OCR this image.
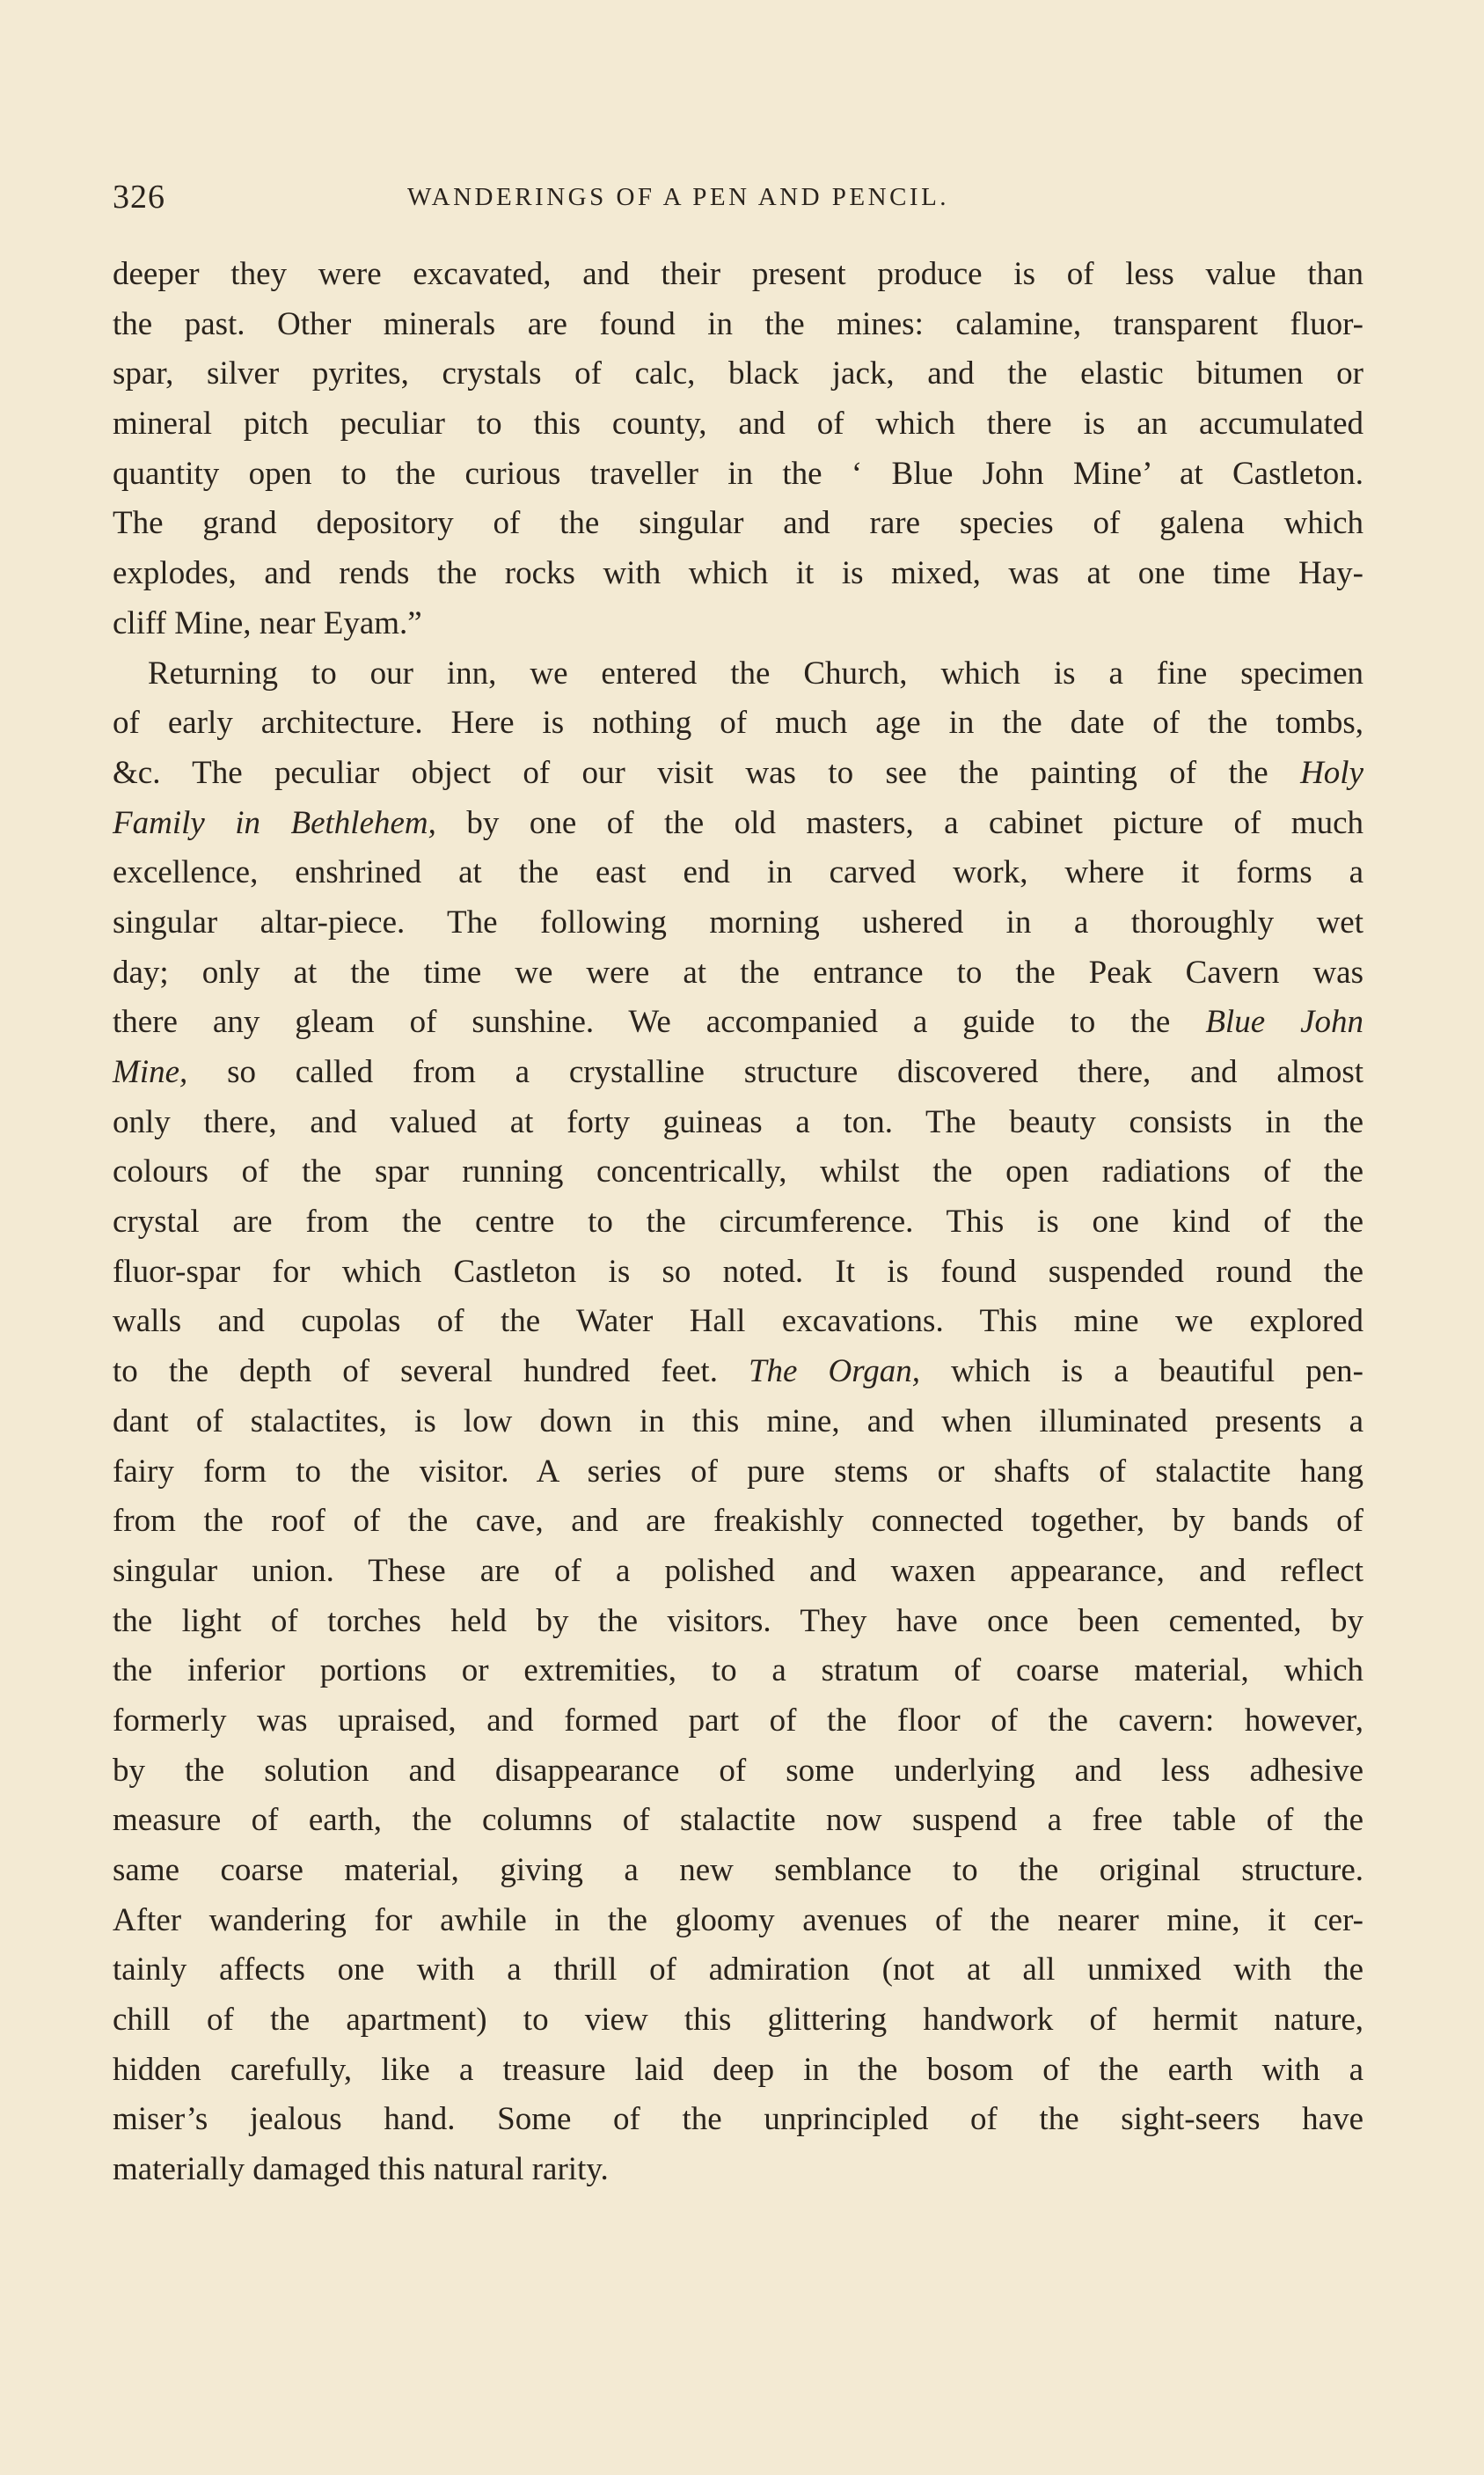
326	WANDERINGS OF A PEN AND PENCIL.
deeper they were excavated, and their present produce is of less value than
the past. Other minerals are found in the mines: calamine, transparent fluor-
spar, silver pyrites, crystals of calc, black jack, and the elastic bitumen or
mineral pitch peculiar to this county, and of which there is an accumulated
quantity open to the curious traveller in the ‘ Blue John Mine’ at Castleton.
The grand depository of the singular and rare species of galena which
explodes, and rends the rocks with which it is mixed, was at one time Hay-
cliff Mine, near Eyam.”
Returning to our inn, we entered the Church, which is a fine specimen
of early architecture. Here is nothing of much age in the date of the tombs,
&c. The peculiar object of our visit was to see the painting of the Holy
Family in Bethlehem, by one of the old masters, a cabinet picture of much
excellence, enshrined at the east end in carved work, where it forms a
singular altar-piece. The following morning ushered in a thoroughly wet
day; only at the time we were at the entrance to the Peak Cavern was
there any gleam of sunshine. We accompanied a guide to the Blue John
Mine, so called from a crystalline structure discovered there, and almost
only there, and valued at forty guineas a ton. The beauty consists in the
colours of the spar running concentrically, whilst the open radiations of the
crystal are from the centre to the circumference. This is one kind of the
fluor-spar for which Castleton is so noted. It is found suspended round the
walls and cupolas of the Water Hall excavations. This mine we explored
to the depth of several hundred feet. The Organ, which is a beautiful pen-
dant of stalactites, is low down in this mine, and when illuminated presents a
fairy form to the visitor. A series of pure stems or shafts of stalactite hang
from the roof of the cave, and are freakishly connected together, by bands of
singular union. These are of a polished and waxen appearance, and reflect
the light of torches held by the visitors. They have once been cemented, by
the inferior portions or extremities, to a stratum of coarse material, which
formerly was upraised, and formed part of the floor of the cavern: however,
by the solution and disappearance of some underlying and less adhesive
measure of earth, the columns of stalactite now suspend a free table of the
same coarse material, giving a new semblance to the original structure.
After wandering for awhile in the gloomy avenues of the nearer mine, it cer-
tainly affects one with a thrill of admiration (not at all unmixed with the
chill of the apartment) to view this glittering handwork of hermit nature,
hidden carefully, like a treasure laid deep in the bosom of the earth with a
miser’s jealous hand. Some of the unprincipled of the sight-seers have
materially damaged this natural rarity.
